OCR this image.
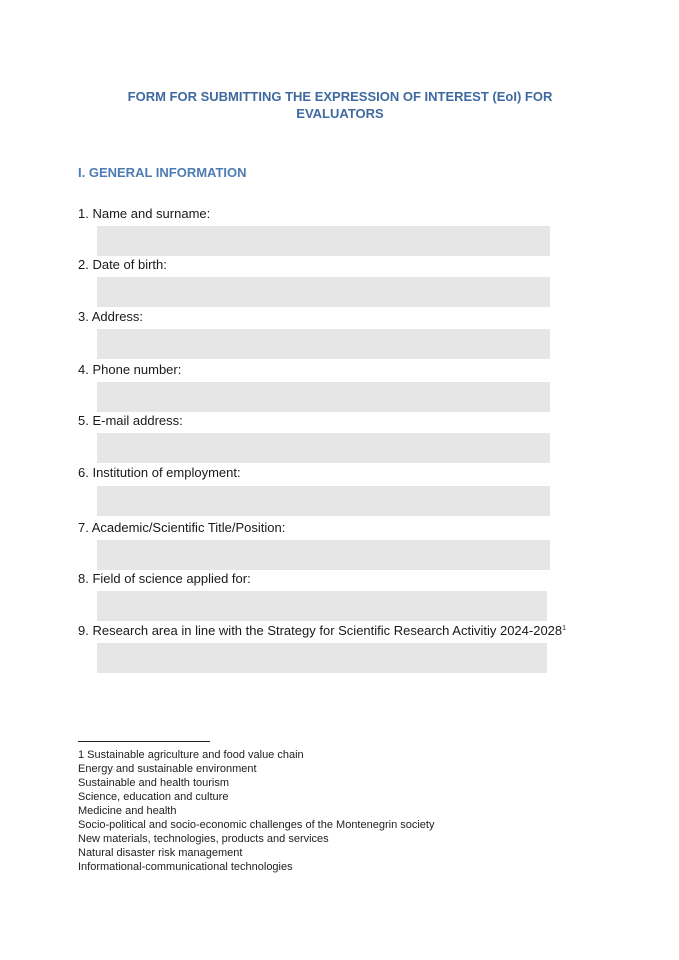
FORM FOR SUBMITTING THE EXPRESSION OF INTEREST (EoI) FOR EVALUATORS
I. GENERAL INFORMATION
1. Name and surname:
2. Date of birth:
3. Address:
4. Phone number:
5. E-mail address:
6. Institution of employment:
7. Academic/Scientific Title/Position:
8. Field of science applied for:
9. Research area in line with the Strategy for Scientific Research Activitiy 2024-2028$^1$
1 Sustainable agriculture and food value chain
Energy and sustainable environment
Sustainable and health tourism
Science, education and culture
Medicine and health
Socio-political and socio-economic challenges of the Montenegrin society
New materials, technologies, products and services
Natural disaster risk management
Informational-communicational technologies
